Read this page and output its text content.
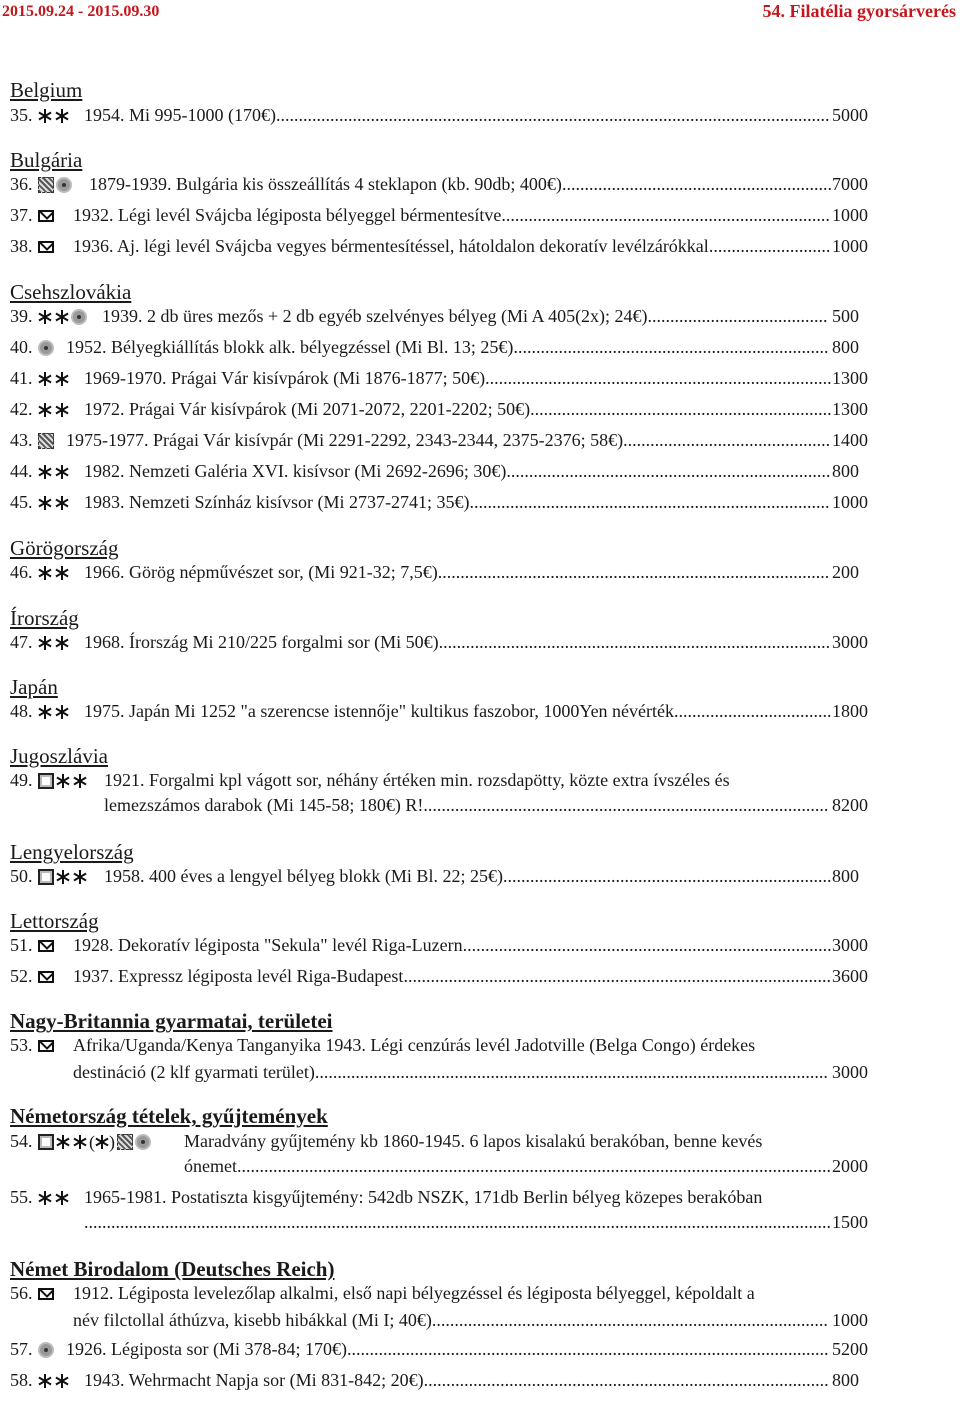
2015.09.24 - 2015.09.30	54. Filatélia gyorsárverés
Belgium
35.	1954. Mi 995-1000 (170€)........................................................................................................................... 5000
Bulgária
36.	1879-1939. Bulgária kis összeállítás 4 steklapon (kb. 90db; 400€)............................................................ 7000
37. 1932. Légi levél Svájcba légiposta bélyeggel bérmentesítve......................................................................... 1000
38. 1936. Aj. légi levél Svájcba vegyes bérmentesítéssel, hátoldalon dekoratív levélzárókkal........................... 1000
Csehszlovákia
39.	1939. 2 db üres mezős + 2 db egyéb szelvényes bélyeg (Mi A 405(2x); 24€)........................................ 500
40. 1952. Bélyegkiállítás blokk alk. bélyegzéssel (Mi Bl. 13; 25€)...................................................................... 800
41.	1969-1970. Prágai Vár kisívpárok (Mi 1876-1877; 50€)............................................................................. 1300
42.	1972. Prágai Vár kisívpárok (Mi 2071-2072, 2201-2202; 50€)................................................................... 1300
43. 1975-1977. Prágai Vár kisívpár (Mi 2291-2292, 2343-2344, 2375-2376; 58€).............................................. 1400
44.	1982. Nemzeti Galéria XVI. kisívsor (Mi 2692-2696; 30€)........................................................................ 800
45.	1983. Nemzeti Színház kisívsor (Mi 2737-2741; 35€)................................................................................ 1000
Görögország
46.	1966. Görög népművészet sor, (Mi 921-32; 7,5€)....................................................................................... 200
Írország
47.	1968. Írország Mi 210/225 forgalmi sor (Mi 50€)....................................................................................... 3000
Japán
48.	1975. Japán Mi 1252 "a szerencse istennője" kultikus faszobor, 1000Yen névérték................................... 1800
Jugoszlávia
49.	1921. Forgalmi kpl vágott sor, néhány értéken min. rozsdapötty, közte extra ívszéles és
lemezszámos darabok (Mi 145-58; 180€) R!.......................................................................................... 8200
Lengyelország
50.	1958. 400 éves a lengyel bélyeg blokk (Mi Bl. 22; 25€)......................................................................... 800
Lettország
51. 1928. Dekoratív légiposta "Sekula" levél Riga-Luzern.................................................................................. 3000
52. 1937. Expressz légiposta levél Riga-Budapest............................................................................................... 3600
Nagy-Britannia gyarmatai, területei
53. Afrika/Uganda/Kenya Tanganyika 1943. Légi cenzúrás levél Jadotville (Belga Congo) érdekes
destináció (2 klf gyarmati terület).................................................................................................................. 3000
Németország tételek, gyűjtemények
54.	( )	Maradvány gyűjtemény kb 1860-1945. 6 lapos kisalakú berakóban, benne kevés
ónemet.................................................................................................................................... 2000
55.	1965-1981. Postatiszta kisgyűjtemény: 542db NSZK, 171db Berlin bélyeg közepes berakóban
...................................................................................................................................................................... 1500
Német Birodalom (Deutsches Reich)
56. 1912. Légiposta levelezőlap alkalmi, első napi bélyegzéssel és légiposta bélyeggel, képoldalt a
név filctollal áthúzva, kisebb hibákkal (Mi I; 40€)........................................................................................ 1000
57. 1926. Légiposta sor (Mi 378-84; 170€)........................................................................................................... 5200
58.	1943. Wehrmacht Napja sor (Mi 831-842; 20€).......................................................................................... 800
